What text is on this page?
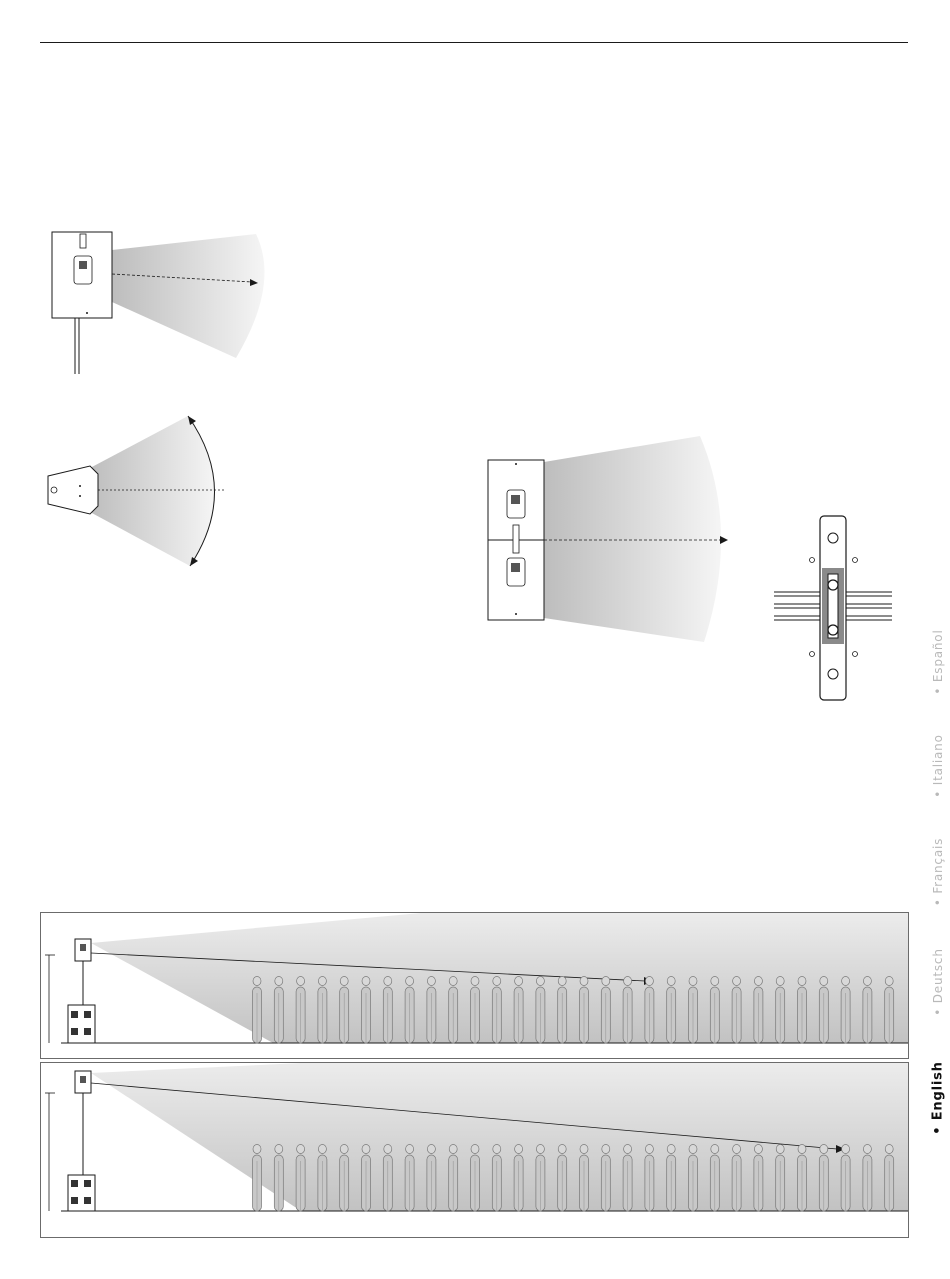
• Español
• Italiano
• Français
• Deutsch
• English
